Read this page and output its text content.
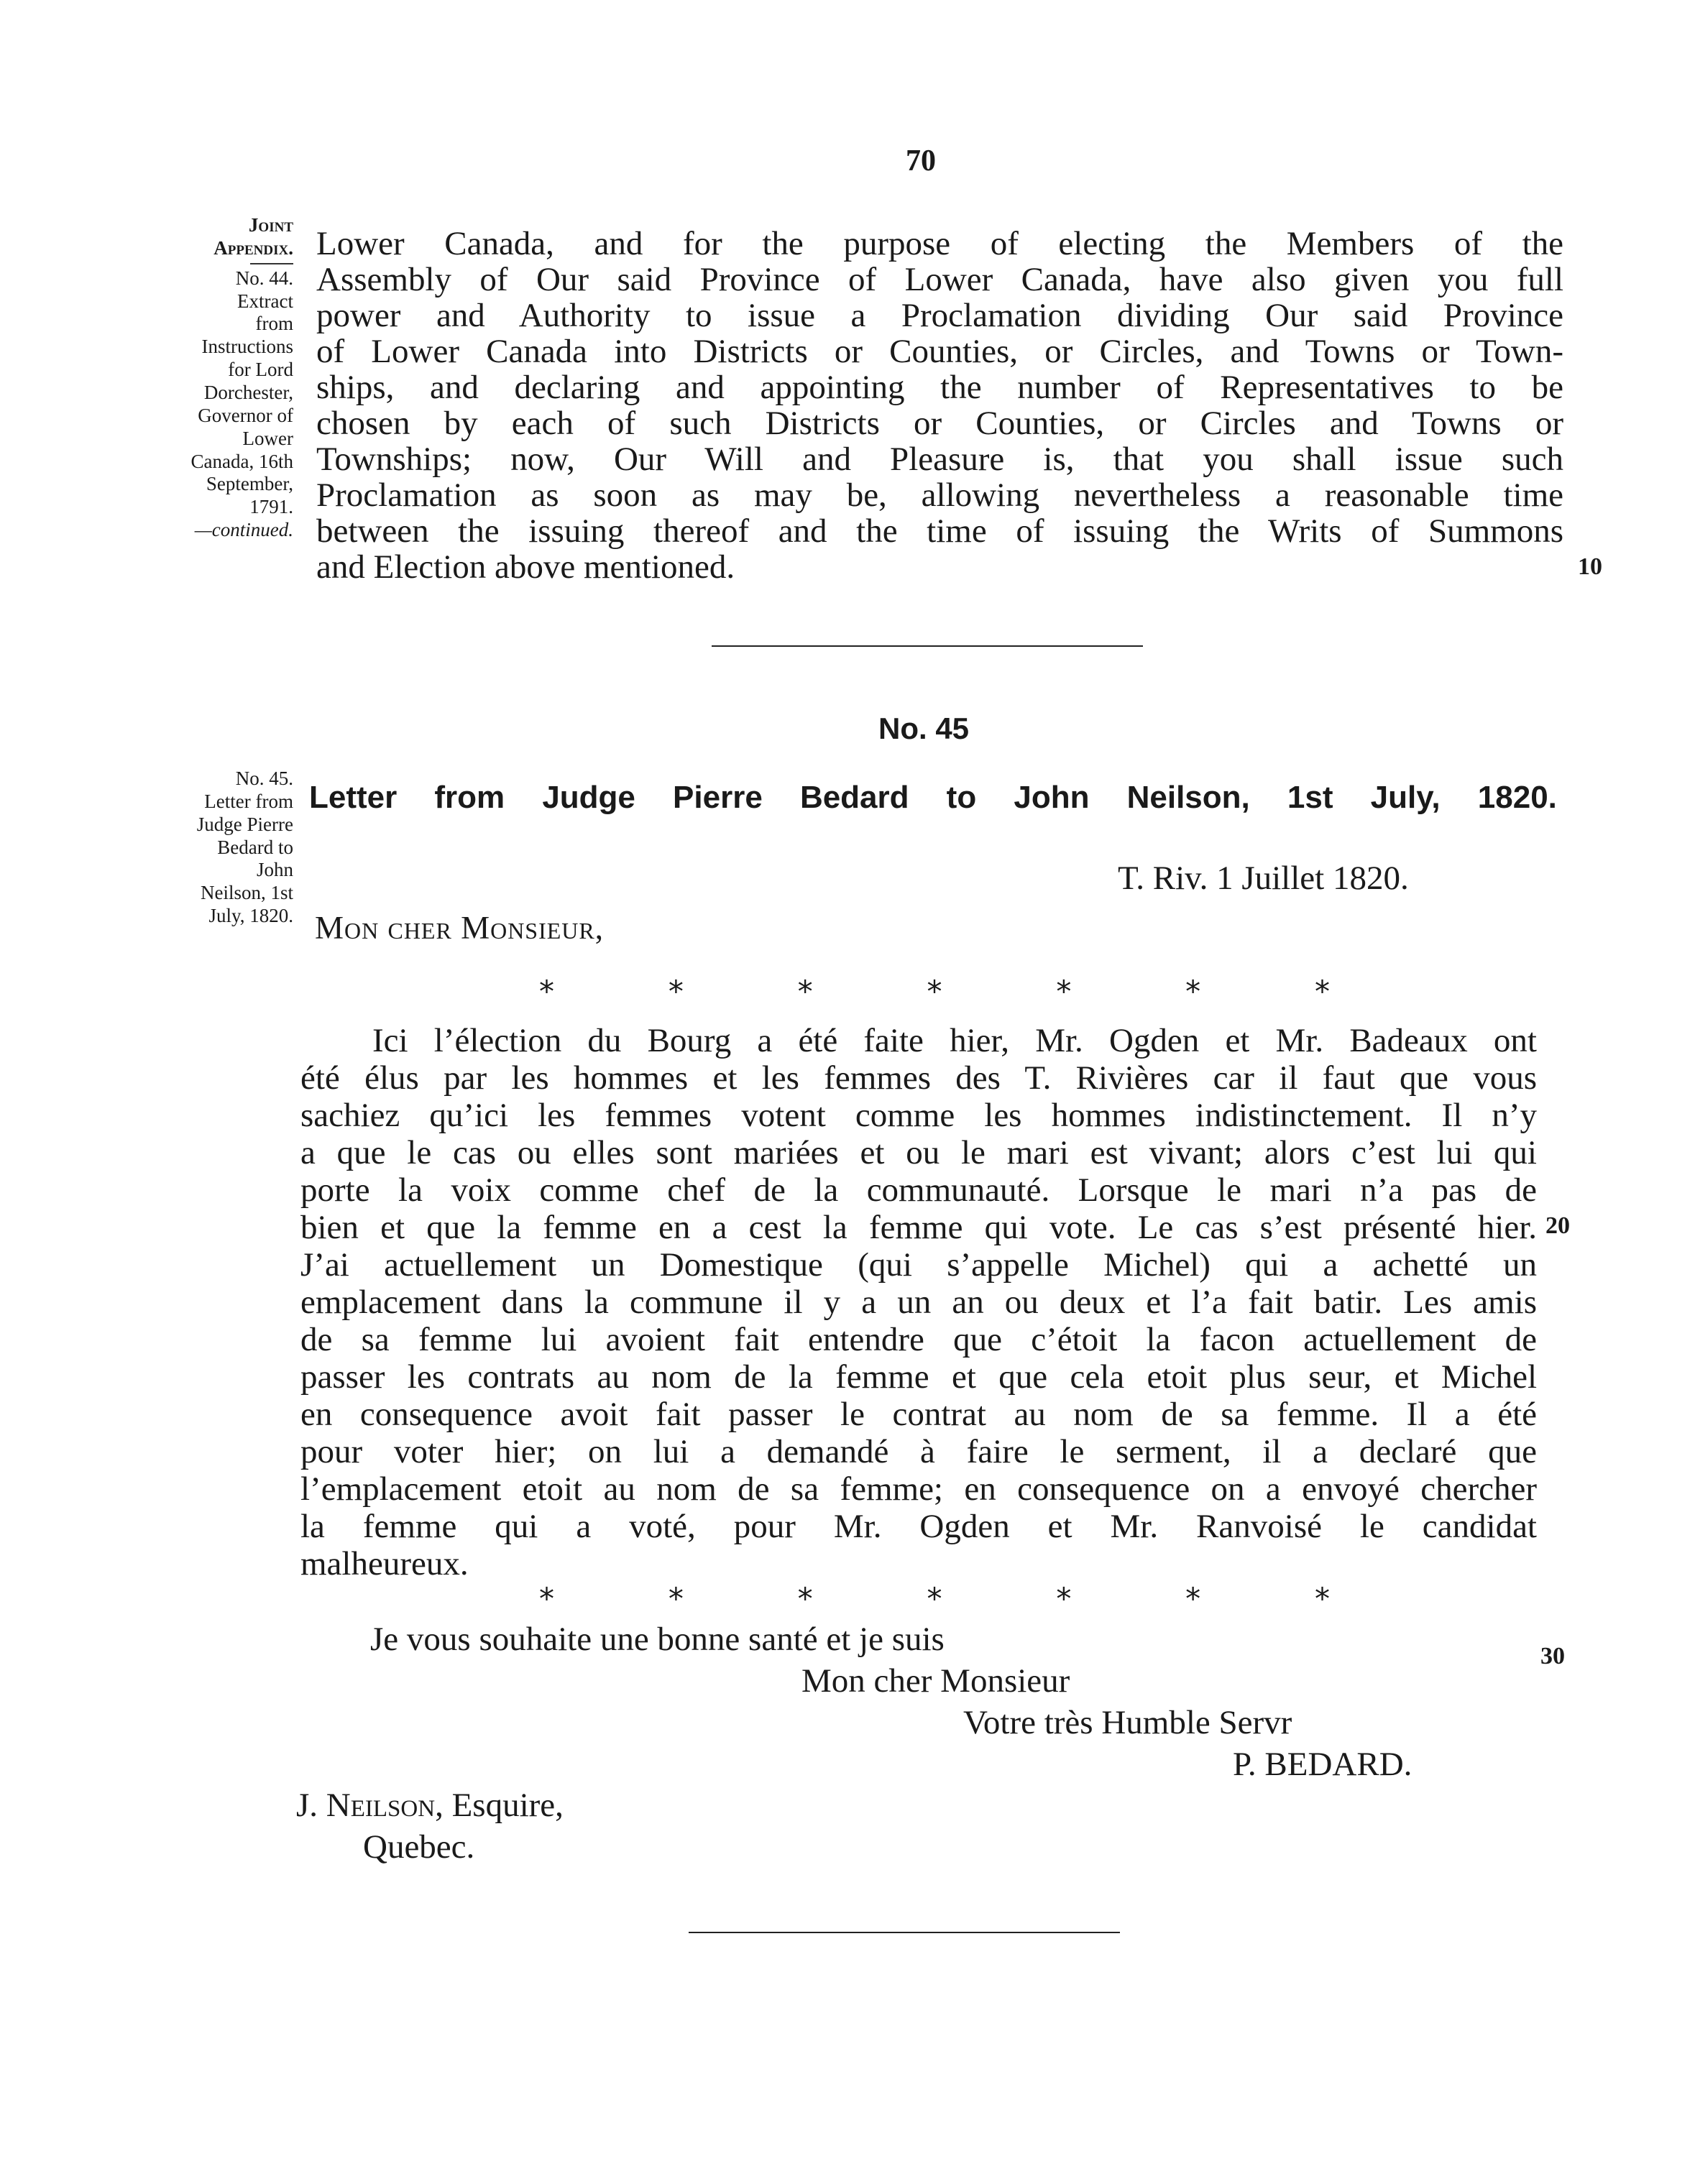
70
Joint
Appendix.
No. 44.
Extract
from
Instructions
for Lord
Dorchester,
Governor of
Lower
Canada, 16th
September,
1791.
—continued.
Lower Canada, and for the purpose of electing the Members of the
Assembly of Our said Province of Lower Canada, have also given you full
power and Authority to issue a Proclamation dividing Our said Province
of Lower Canada into Districts or Counties, or Circles, and Towns or Town-
ships, and declaring and appointing the number of Representatives to be
chosen by each of such Districts or Counties, or Circles and Towns or
Townships; now, Our Will and Pleasure is, that you shall issue such
Proclamation as soon as may be, allowing nevertheless a reasonable time
between the issuing thereof and the time of issuing the Writs of Summons
and Election above mentioned.	10
No. 45
No. 45.
Letter from
Judge Pierre
Bedard to
John
Neilson, 1st
July, 1820.
Letter from Judge Pierre Bedard to John Neilson, 1st July, 1820.
T. Riv. 1 Juillet 1820.
Mon cher Monsieur,
*	*	*	*	*	*	*
Ici l’élection du Bourg a été faite hier, Mr. Ogden et Mr. Badeaux ont
été élus par les hommes et les femmes des T. Rivières car il faut que vous
sachiez qu’ici les femmes votent comme les hommes indistinctement. Il n’y
a que le cas ou elles sont mariées et ou le mari est vivant; alors c’est lui qui
porte la voix comme chef de la communauté. Lorsque le mari n’a pas de
bien et que la femme en a cest la femme qui vote. Le cas s’est présenté hier.
J’ai actuellement un Domestique (qui s’appelle Michel) qui a achetté un
emplacement dans la commune il y a un an ou deux et l’a fait batir. Les amis
de sa femme lui avoient fait entendre que c’étoit la facon actuellement de
passer les contrats au nom de la femme et que cela etoit plus seur, et Michel
en consequence avoit fait passer le contrat au nom de sa femme. Il a été
pour voter hier; on lui a demandé à faire le serment, il a declaré que
l’emplacement etoit au nom de sa femme; en consequence on a envoyé chercher
la femme qui a voté, pour Mr. Ogden et Mr. Ranvoisé le candidat
malheureux.
20
*	*	*	*	*	*	*
Je vous souhaite une bonne santé et je suis	30
Mon cher Monsieur
Votre très Humble Servr
P. BEDARD.
J. Neilson, Esquire,
Quebec.
